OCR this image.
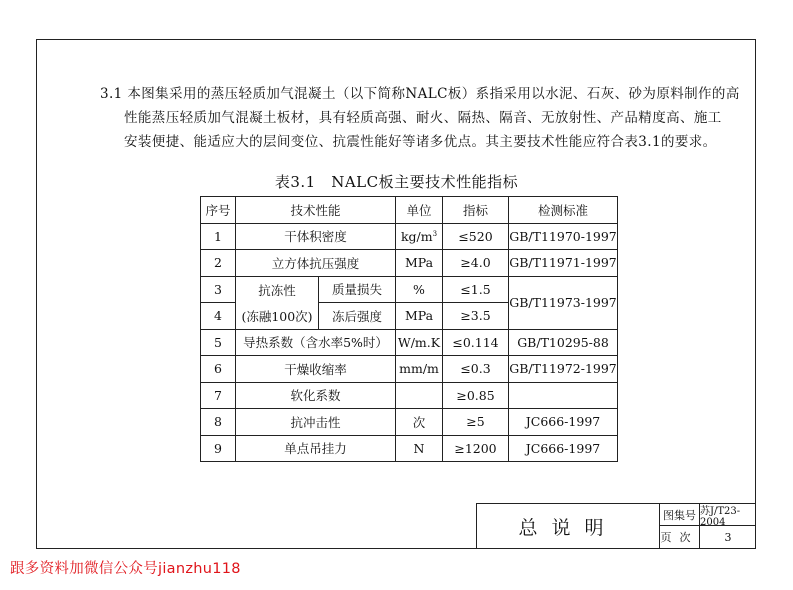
3.1 本图集采用的蒸压轻质加气混凝土（以下简称NALC板）系指采用以水泥、石灰、砂为原料制作的高
性能蒸压轻质加气混凝土板材，具有轻质高强、耐火、隔热、隔音、无放射性、产品精度高、施工
安装便捷、能适应大的层间变位、抗震性能好等诸多优点。其主要技术性能应符合表3.1的要求。
表3.1　NALC板主要技术性能指标
序号	技术性能		单位	指标	检测标准
1	干体积密度		$kg/m^3$	≤520	GB/T11970-1997
2	立方体抗压强度		MPa	≥4.0	GB/T11971-1997
3	抗冻性	质量损失	%	≤1.5	GB/T11973-1997
4	(冻融100次)	冻后强度	MPa	≥3.5	
5	导热系数（含水率5%时）		W/m.K	≤0.114	GB/T10295-88
6	干燥收缩率		mm/m	≤0.3	GB/T11972-1997
7	软化系数			≥0.85	
8	抗冲击性		次	≥5	JC666-1997
9	单点吊挂力		N	≥1200	JC666-1997
总说明
图集号 苏J/T23-2004
页次	3
跟多资料加微信公众号jianzhu118
